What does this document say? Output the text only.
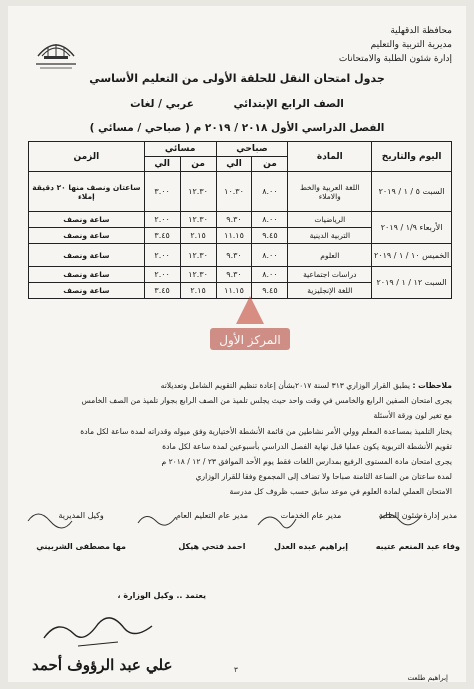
محافظة الدقهلية
مديرية التربية والتعليم
إدارة شئون الطلبة والامتحانات
جدول امتحان النقل للحلقة الأولى من التعليم الأساسي
الصف الرابع الإبتدائي عربي / لغات
الفصل الدراسي الأول ٢٠١٨ / ٢٠١٩ م ( صباحي / مسائي )
اليوم والتاريخ	المادة	صباحي		مسائي		الزمن
		من	الي	من	الي	
السبت ٥ / ١ / ٢٠١٩	اللغة العربية والخط والاملاء	٨.٠٠	١٠.٣٠	١٢.٣٠	٣.٠٠	ساعتان ونصف منها ٢٠ دقيقة إملاء
الأربعاء ١/٩ / ٢٠١٩	الرياضيات	٨.٠٠	٩.٣٠	١٢.٣٠	٢.٠٠	ساعة ونصف
	التربية الدينية	٩.٤٥	١١.١٥	٢.١٥	٣.٤٥	ساعة ونصف
الخميس ١٠ / ١ / ٢٠١٩	العلوم	٨.٠٠	٩.٣٠	١٢.٣٠	٢.٠٠	ساعة ونصف
السبت ١٢ / ١ / ٢٠١٩	دراسات اجتماعية	٨.٠٠	٩.٣٠	١٢.٣٠	٢.٠٠	ساعة ونصف
	اللغة الإنجليزية	٩.٤٥	١١.١٥	٢.١٥	٣.٤٥	ساعة ونصف
المركز الأول

ملاحظات : يطبق القرار الوزاري ٣١٣ لسنة ٢٠١٧بشأن إعادة تنظيم التقويم الشامل وتعديلاته

يجرى امتحان الصفين الرابع والخامس في وقت واحد حيث يجلس تلميذ من الصف الرابع بجوار تلميذ من الصف الخامس

مع تغير لون ورقة الأسئلة

يختار التلميذ بمساعدة المعلم وولي الأمر نشاطين من قائمة الأنشطة الأختيارية وفق ميوله وقدراته لمدة ساعة لكل مادة

تقويم الأنشطة التربوية يكون عمليا قبل نهاية الفصل الدراسي بأسبوعين لمدة ساعة لكل مادة

يجرى امتحان مادة المستوى الرفيع بمدارس اللغات فقط يوم الأحد الموافق ٢٣ / ١٢ / ٢٠١٨ م

لمدة ساعتان من الساعة الثامنة صباحا ولا تضاف إلى المجموع وفقا للقرار الوزاري

الامتحان العملي لمادة العلوم في موعد سابق حسب ظروف كل مدرسة

مدير إدارة شئون الطلبة
وفاء عبد المنعم عتيبه
مدير عام الخدمات
إبراهيم عبده العدل
مدير عام التعليم العام
احمد فتحي هيكل
وكيل المديرية
مها مصطفى الشربيني
يعتمد .. وكيل الوزارة ،
علي عبد الرؤوف أحمد	٣
إبراهيم طلعت
